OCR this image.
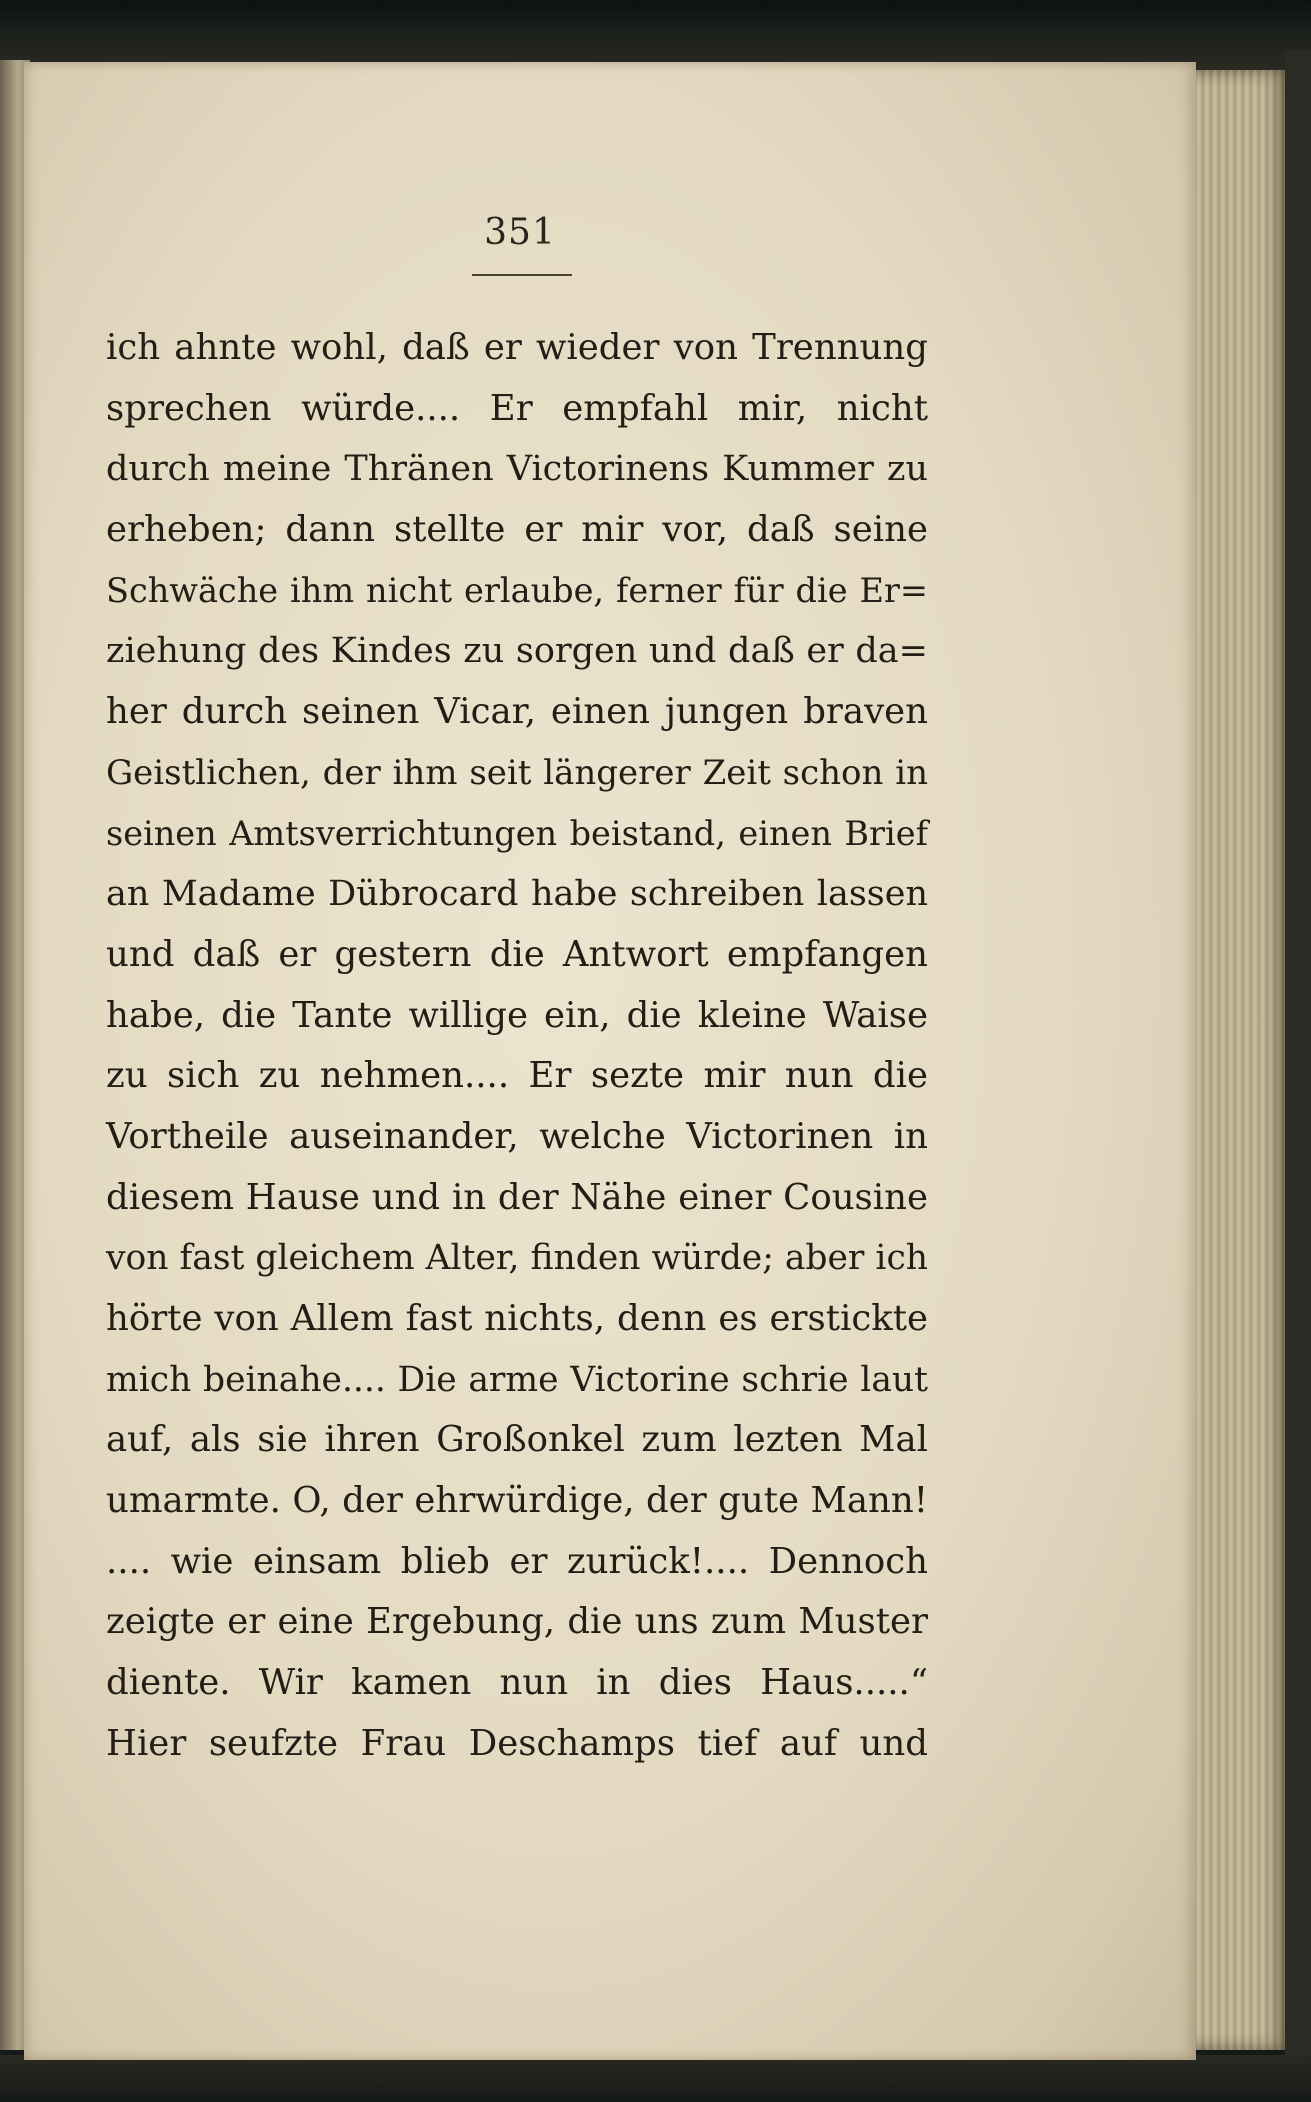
351
ich ahnte wohl, daß er wieder von Trennung
sprechen würde.... Er empfahl mir, nicht
durch meine Thränen Victorinens Kummer zu
erheben; dann stellte er mir vor, daß seine
Schwäche ihm nicht erlaube, ferner für die Er=
ziehung des Kindes zu sorgen und daß er da=
her durch seinen Vicar, einen jungen braven
Geistlichen, der ihm seit längerer Zeit schon in
seinen Amtsverrichtungen beistand, einen Brief
an Madame Dübrocard habe schreiben lassen
und daß er gestern die Antwort empfangen
habe, die Tante willige ein, die kleine Waise
zu sich zu nehmen.... Er sezte mir nun die
Vortheile auseinander, welche Victorinen in
diesem Hause und in der Nähe einer Cousine
von fast gleichem Alter, finden würde; aber ich
hörte von Allem fast nichts, denn es erstickte
mich beinahe.... Die arme Victorine schrie laut
auf, als sie ihren Großonkel zum lezten Mal
umarmte. O, der ehrwürdige, der gute Mann!
.... wie einsam blieb er zurück!.... Dennoch
zeigte er eine Ergebung, die uns zum Muster
diente. Wir kamen nun in dies Haus.....“
Hier seufzte Frau Deschamps tief auf und
